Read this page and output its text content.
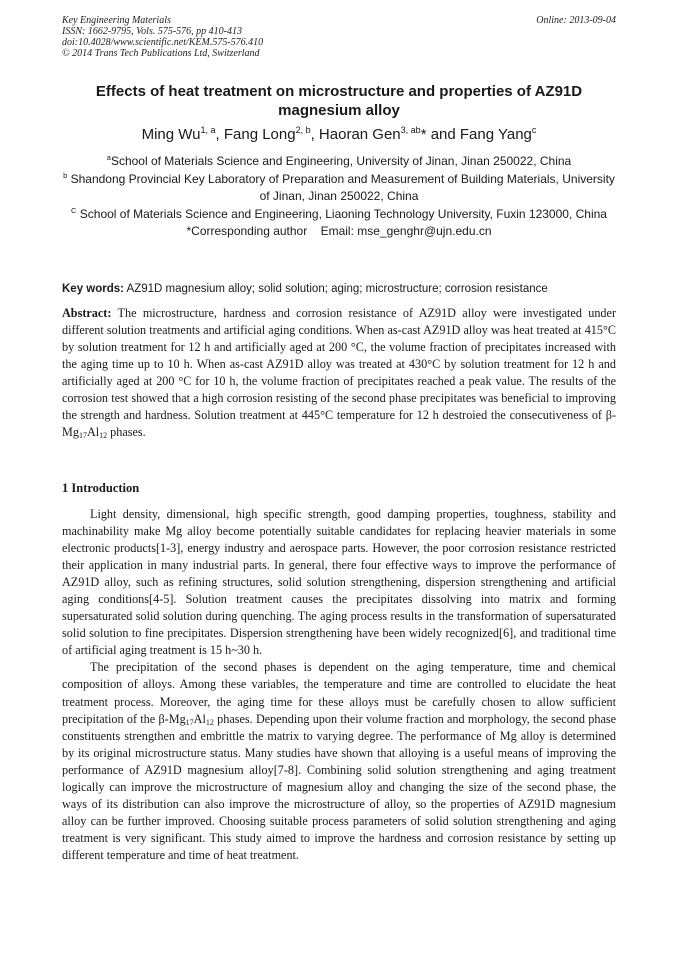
Key Engineering Materials
ISSN: 1662-9795, Vols. 575-576, pp 410-413
doi:10.4028/www.scientific.net/KEM.575-576.410
© 2014 Trans Tech Publications Ltd, Switzerland
Online: 2013-09-04
Effects of heat treatment on microstructure and properties of AZ91D magnesium alloy
Ming Wu$^{1, a}$, Fang Long$^{2, b}$, Haoran Gen$^{3, ab}$* and Fang Yang$^c$
$^a$School of Materials Science and Engineering, University of Jinan, Jinan 250022, China
$^b$ Shandong Provincial Key Laboratory of Preparation and Measurement of Building Materials, University of Jinan, Jinan 250022, China
$^C$ School of Materials Science and Engineering, Liaoning Technology University, Fuxin 123000, China
*Corresponding author    Email: mse_genghr@ujn.edu.cn
Key words: AZ91D magnesium alloy; solid solution; aging; microstructure; corrosion resistance
Abstract: The microstructure, hardness and corrosion resistance of AZ91D alloy were investigated under different solution treatments and artificial aging conditions. When as-cast AZ91D alloy was heat treated at 415°C by solution treatment for 12 h and artificially aged at 200 °C, the volume fraction of precipitates increased with the aging time up to 10 h. When as-cast AZ91D alloy was treated at 430°C by solution treatment for 12 h and artificially aged at 200 °C for 10 h, the volume fraction of precipitates reached a peak value. The results of the corrosion test showed that a high corrosion resisting of the second phase precipitates was beneficial to improving the strength and hardness. Solution treatment at 445°C temperature for 12 h destroied the consecutiveness of $\beta-Mg_{17}Al_{12}$ phases.
1 Introduction

Light density, dimensional, high specific strength, good damping properties, toughness, stability and machinability make Mg alloy become potentially suitable candidates for replacing heavier materials in some electronic products[1-3], energy industry and aerospace parts. However, the poor corrosion resistance restricted their application in many industrial parts. In general, there four effective ways to improve the performance of AZ91D alloy, such as refining structures, solid solution strengthening, dispersion strengthening and artificial aging conditions[4-5]. Solution treatment causes the precipitates dissolving into matrix and forming supersaturated solid solution during quenching. The aging process results in the transformation of supersaturated solid solution to fine precipitates. Dispersion strengthening have been widely recognized[6], and traditional time of artificial aging treatment is 15 h~30 h.

The precipitation of the second phases is dependent on the aging temperature, time and chemical composition of alloys. Among these variables, the temperature and time are controlled to elucidate the heat treatment process. Moreover, the aging time for these alloys must be carefully chosen to allow sufficient precipitation of the $\beta-Mg_{17}Al_{12}$ phases. Depending upon their volume fraction and morphology, the second phase constituents strengthen and embrittle the matrix to varying degree. The performance of Mg alloy is determined by its original microstructure status. Many studies have shown that alloying is a useful means of improving the performance of AZ91D magnesium alloy[7-8]. Combining solid solution strengthening and aging treatment logically can improve the microstructure of magnesium alloy and changing the size of the second phase, the ways of its distribution can also improve the microstructure of alloy, so the properties of AZ91D magnesium alloy can be further improved. Choosing suitable process parameters of solid solution strengthening and aging treatment is very significant. This study aimed to improve the hardness and corrosion resistance by setting up different temperature and time of heat treatment.
